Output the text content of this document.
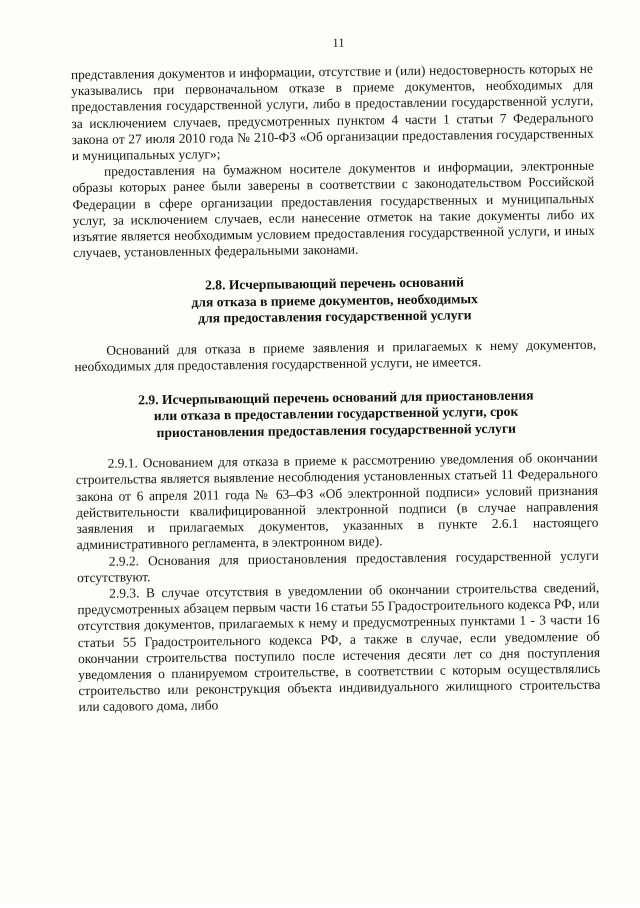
11

представления документов и информации, отсутствие и (или) недостоверность которых не указывались при первоначальном отказе в приеме документов, необходимых для предоставления государственной услуги, либо в предоставлении государственной услуги, за исключением случаев, предусмотренных пунктом 4 части 1 статьи 7 Федерального закона от 27 июля 2010 года № 210-ФЗ «Об организации предоставления государственных и муниципальных услуг»;

предоставления на бумажном носителе документов и информации, электронные образы которых ранее были заверены в соответствии с законодательством Российской Федерации в сфере организации предоставления государственных и муниципальных услуг, за исключением случаев, если нанесение отметок на такие документы либо их изъятие является необходимым условием предоставления государственной услуги, и иных случаев, установленных федеральными законами.

2.8. Исчерпывающий перечень оснований
для отказа в приеме документов, необходимых
для предоставления государственной услуги

Оснований для отказа в приеме заявления и прилагаемых к нему документов, необходимых для предоставления государственной услуги, не имеется.

2.9. Исчерпывающий перечень оснований для приостановления
или отказа в предоставлении государственной услуги, срок
приостановления предоставления государственной услуги

2.9.1. Основанием для отказа в приеме к рассмотрению уведомления об окончании строительства является выявление несоблюдения установленных статьей 11 Федерального закона от 6 апреля 2011 года № 63–ФЗ «Об электронной подписи» условий признания действительности квалифицированной электронной подписи (в случае направления заявления и прилагаемых документов, указанных в пункте 2.6.1 настоящего административного регламента, в электронном виде).

2.9.2. Основания для приостановления предоставления государственной услуги отсутствуют.

2.9.3. В случае отсутствия в уведомлении об окончании строительства сведений, предусмотренных абзацем первым части 16 статьи 55 Градостроительного кодекса РФ, или отсутствия документов, прилагаемых к нему и предусмотренных пунктами 1 - 3 части 16 статьи 55 Градостроительного кодекса РФ, а также в случае, если уведомление об окончании строительства поступило после истечения десяти лет со дня поступления уведомления о планируемом строительстве, в соответствии с которым осуществлялись строительство или реконструкция объекта индивидуального жилищного строительства или садового дома, либо
